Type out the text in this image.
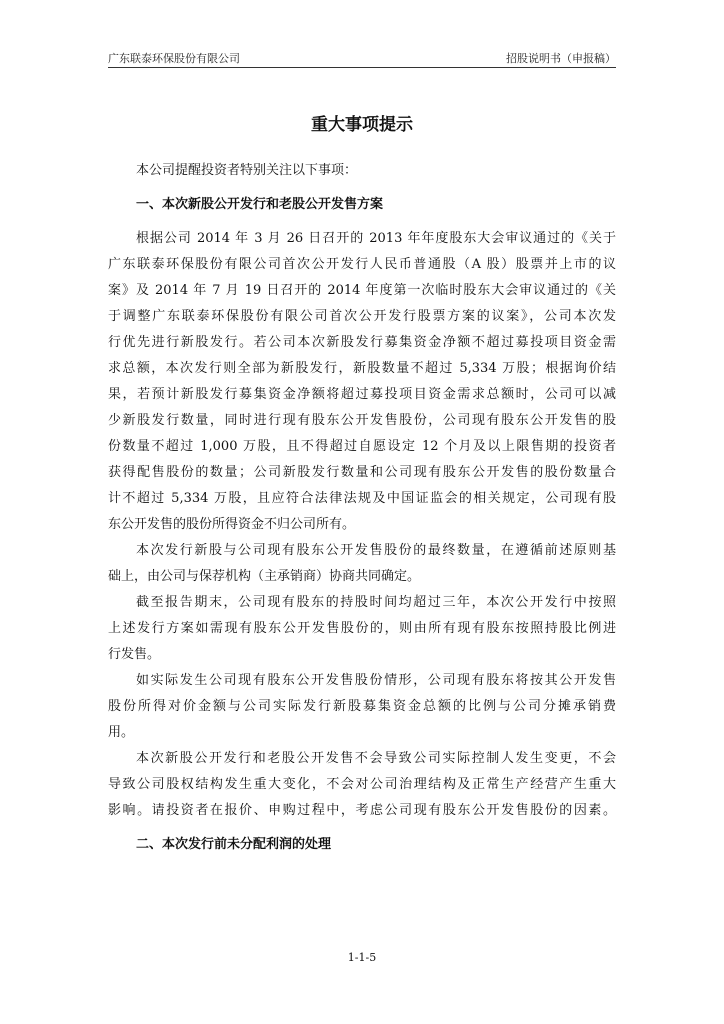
广东联泰环保股份有限公司	招股说明书（申报稿）
重大事项提示
本公司提醒投资者特别关注以下事项：
一、本次新股公开发行和老股公开发售方案
根据公司 2014 年 3 月 26 日召开的 2013 年年度股东大会审议通过的《关于
广东联泰环保股份有限公司首次公开发行人民币普通股（A 股）股票并上市的议
案》及 2014 年 7 月 19 日召开的 2014 年度第一次临时股东大会审议通过的《关
于调整广东联泰环保股份有限公司首次公开发行股票方案的议案》，公司本次发
行优先进行新股发行。若公司本次新股发行募集资金净额不超过募投项目资金需
求总额，本次发行则全部为新股发行，新股数量不超过 5,334 万股；根据询价结
果，若预计新股发行募集资金净额将超过募投项目资金需求总额时，公司可以减
少新股发行数量，同时进行现有股东公开发售股份，公司现有股东公开发售的股
份数量不超过 1,000 万股，且不得超过自愿设定 12 个月及以上限售期的投资者
获得配售股份的数量；公司新股发行数量和公司现有股东公开发售的股份数量合
计不超过 5,334 万股，且应符合法律法规及中国证监会的相关规定，公司现有股
东公开发售的股份所得资金不归公司所有。
本次发行新股与公司现有股东公开发售股份的最终数量，在遵循前述原则基
础上，由公司与保荐机构（主承销商）协商共同确定。
截至报告期末，公司现有股东的持股时间均超过三年，本次公开发行中按照
上述发行方案如需现有股东公开发售股份的，则由所有现有股东按照持股比例进
行发售。
如实际发生公司现有股东公开发售股份情形，公司现有股东将按其公开发售
股份所得对价金额与公司实际发行新股募集资金总额的比例与公司分摊承销费
用。
本次新股公开发行和老股公开发售不会导致公司实际控制人发生变更，不会
导致公司股权结构发生重大变化，不会对公司治理结构及正常生产经营产生重大
影响。请投资者在报价、申购过程中，考虑公司现有股东公开发售股份的因素。
二、本次发行前未分配利润的处理
1-1-5
